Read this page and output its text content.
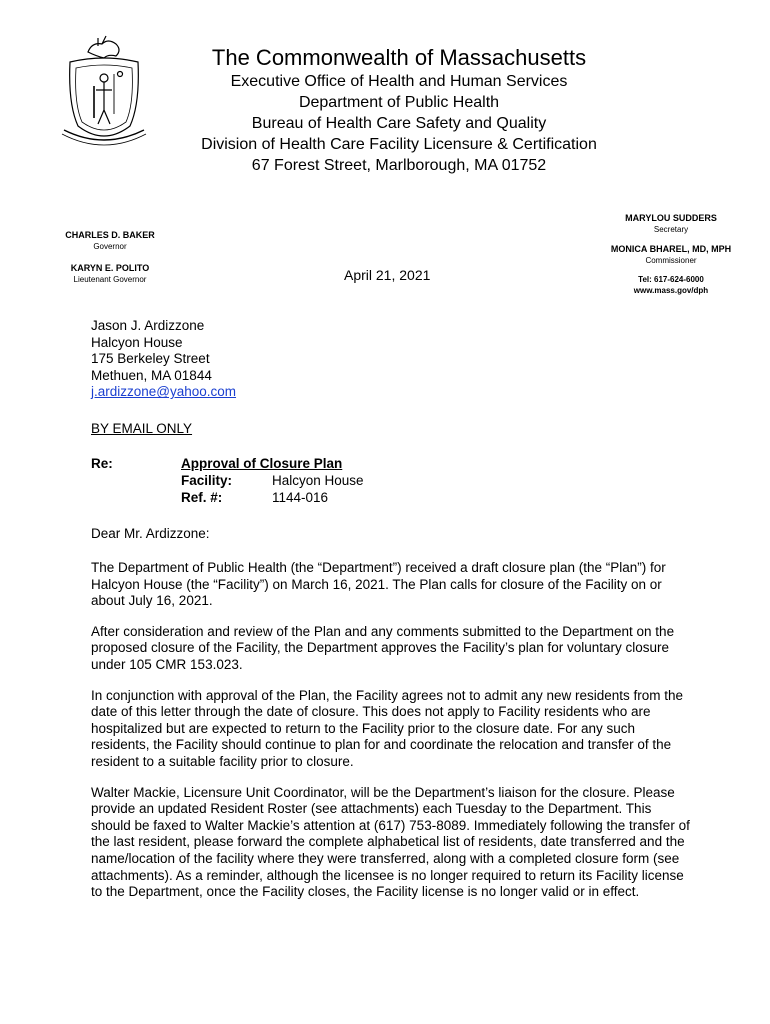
The Commonwealth of Massachusetts
Executive Office of Health and Human Services
Department of Public Health
Bureau of Health Care Safety and Quality
Division of Health Care Facility Licensure & Certification
67 Forest Street, Marlborough, MA 01752
CHARLES D. BAKER
Governor
KARYN E. POLITO
Lieutenant Governor
MARYLOU SUDDERS
Secretary
MONICA BHAREL, MD, MPH
Commissioner
Tel: 617-624-6000
www.mass.gov/dph
April 21, 2021
Jason J. Ardizzone
Halcyon House
175 Berkeley Street
Methuen, MA 01844
j.ardizzone@yahoo.com
BY EMAIL ONLY
Re:	Approval of Closure Plan
Facility:	Halcyon House
Ref. #:	1144-016
Dear Mr. Ardizzone:

The Department of Public Health (the “Department”) received a draft closure plan (the “Plan”) for Halcyon House (the “Facility”) on March 16, 2021. The Plan calls for closure of the Facility on or about July 16, 2021.

After consideration and review of the Plan and any comments submitted to the Department on the proposed closure of the Facility, the Department approves the Facility’s plan for voluntary closure under 105 CMR 153.023.

In conjunction with approval of the Plan, the Facility agrees not to admit any new residents from the date of this letter through the date of closure. This does not apply to Facility residents who are hospitalized but are expected to return to the Facility prior to the closure date. For any such residents, the Facility should continue to plan for and coordinate the relocation and transfer of the resident to a suitable facility prior to closure.

Walter Mackie, Licensure Unit Coordinator, will be the Department’s liaison for the closure. Please provide an updated Resident Roster (see attachments) each Tuesday to the Department. This should be faxed to Walter Mackie’s attention at (617) 753-8089. Immediately following the transfer of the last resident, please forward the complete alphabetical list of residents, date transferred and the name/location of the facility where they were transferred, along with a completed closure form (see attachments). As a reminder, although the licensee is no longer required to return its Facility license to the Department, once the Facility closes, the Facility license is no longer valid or in effect.
